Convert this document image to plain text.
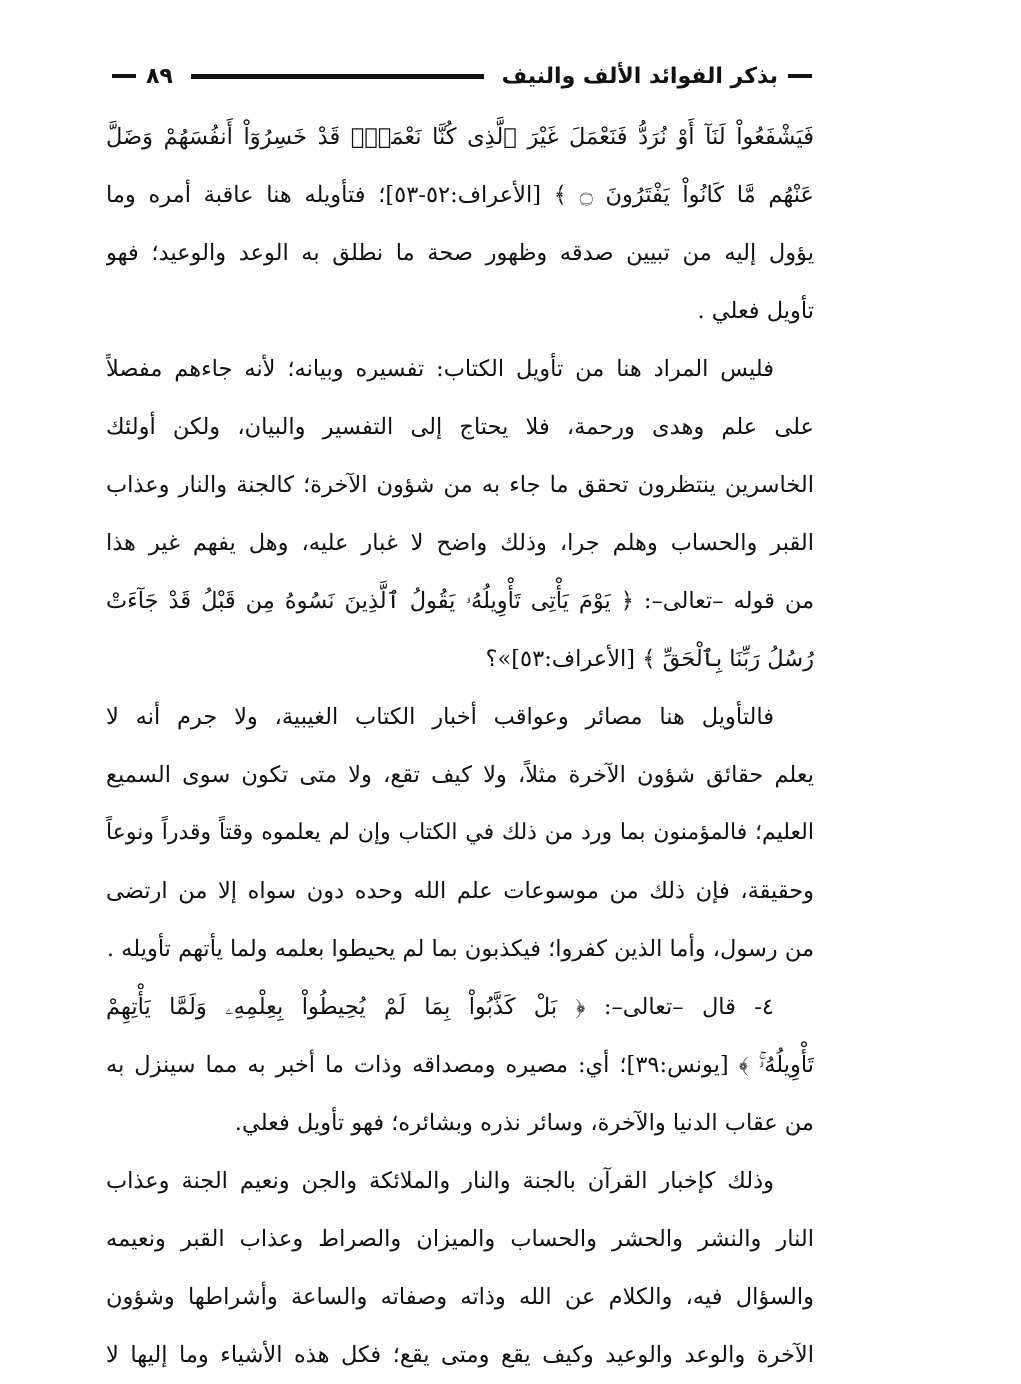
بذكر الفوائد الألف والنيف
٨٩
فَيَشْفَعُواْ لَنَآ أَوْ نُرَدُّ فَنَعْمَلَ غَيْرَ ٱلَّذِى كُنَّا نَعْمَلُۚ قَدْ خَسِرُوٓاْ أَنفُسَهُمْ وَضَلَّ
عَنْهُم مَّا كَانُواْ يَفْتَرُونَ ۝ ﴾ [الأعراف:٥٢-٥٣]؛ فتأويله هنا عاقبة أمره وما
يؤول إليه من تبيين صدقه وظهور صحة ما نطلق به الوعد والوعيد؛ فهو
تأويل فعلي .
فليس المراد هنا من تأويل الكتاب: تفسيره وبيانه؛ لأنه جاءهم مفصلاً
على علم وهدى ورحمة، فلا يحتاج إلى التفسير والبيان، ولكن أولئك
الخاسرين ينتظرون تحقق ما جاء به من شؤون الآخرة؛ كالجنة والنار وعذاب
القبر والحساب وهلم جرا، وذلك واضح لا غبار عليه، وهل يفهم غير هذا
من قوله –تعالى–: ﴿ يَوْمَ يَأْتِى تَأْوِيلُهُۥ يَقُولُ ٱلَّذِينَ نَسُوهُ مِن قَبْلُ قَدْ جَآءَتْ
رُسُلُ رَبِّنَا بِٱلْحَقِّ ﴾ [الأعراف:٥٣]»؟
فالتأويل هنا مصائر وعواقب أخبار الكتاب الغيبية، ولا جرم أنه لا
يعلم حقائق شؤون الآخرة مثلاً، ولا كيف تقع، ولا متى تكون سوى السميع
العليم؛ فالمؤمنون بما ورد من ذلك في الكتاب وإن لم يعلموه وقتاً وقدراً ونوعاً
وحقيقة، فإن ذلك من موسوعات علم الله وحده دون سواه إلا من ارتضى
من رسول، وأما الذين كفروا؛ فيكذبون بما لم يحيطوا بعلمه ولما يأتهم تأويله .
٤- قال –تعالى–: ﴿ بَلْ كَذَّبُواْ بِمَا لَمْ يُحِيطُواْ بِعِلْمِهِۦ وَلَمَّا يَأْتِهِمْ
تَأْوِيلُهُۥۚ ﴾ [يونس:٣٩]؛ أي: مصيره ومصداقه وذات ما أخبر به مما سينزل به
من عقاب الدنيا والآخرة، وسائر نذره وبشائره؛ فهو تأويل فعلي.
وذلك كإخبار القرآن بالجنة والنار والملائكة والجن ونعيم الجنة وعذاب
النار والنشر والحشر والحساب والميزان والصراط وعذاب القبر ونعيمه
والسؤال فيه، والكلام عن الله وذاته وصفاته والساعة وأشراطها وشؤون
الآخرة والوعد والوعيد وكيف يقع ومتى يقع؛ فكل هذه الأشياء وما إليها لا
